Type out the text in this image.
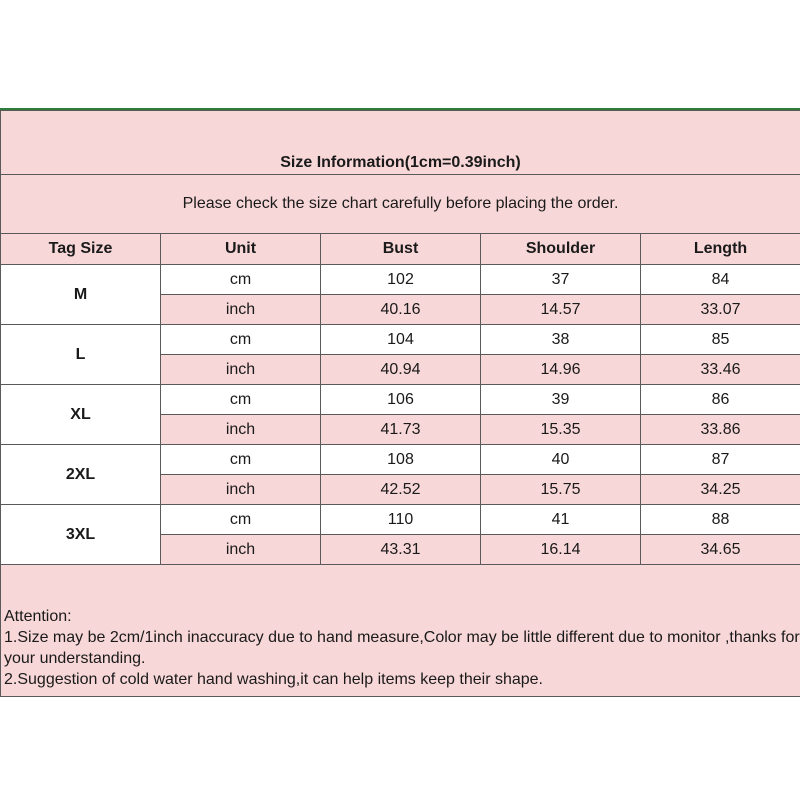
Size Information(1cm=0.39inch)				
Please check the size chart carefully before placing the order.				
Tag Size	Unit	Bust	Shoulder	Length
M	cm	102	37	84
	inch	40.16	14.57	33.07
L	cm	104	38	85
	inch	40.94	14.96	33.46
XL	cm	106	39	86
	inch	41.73	15.35	33.86
2XL	cm	108	40	87
	inch	42.52	15.75	34.25
3XL	cm	110	41	88
	inch	43.31	16.14	34.65

Attention:
1.Size may be 2cm/1inch inaccuracy due to hand measure,Color may be little different due to monitor ,thanks for your understanding.
2.Suggestion of cold water hand washing,it can help items keep their shape.				
